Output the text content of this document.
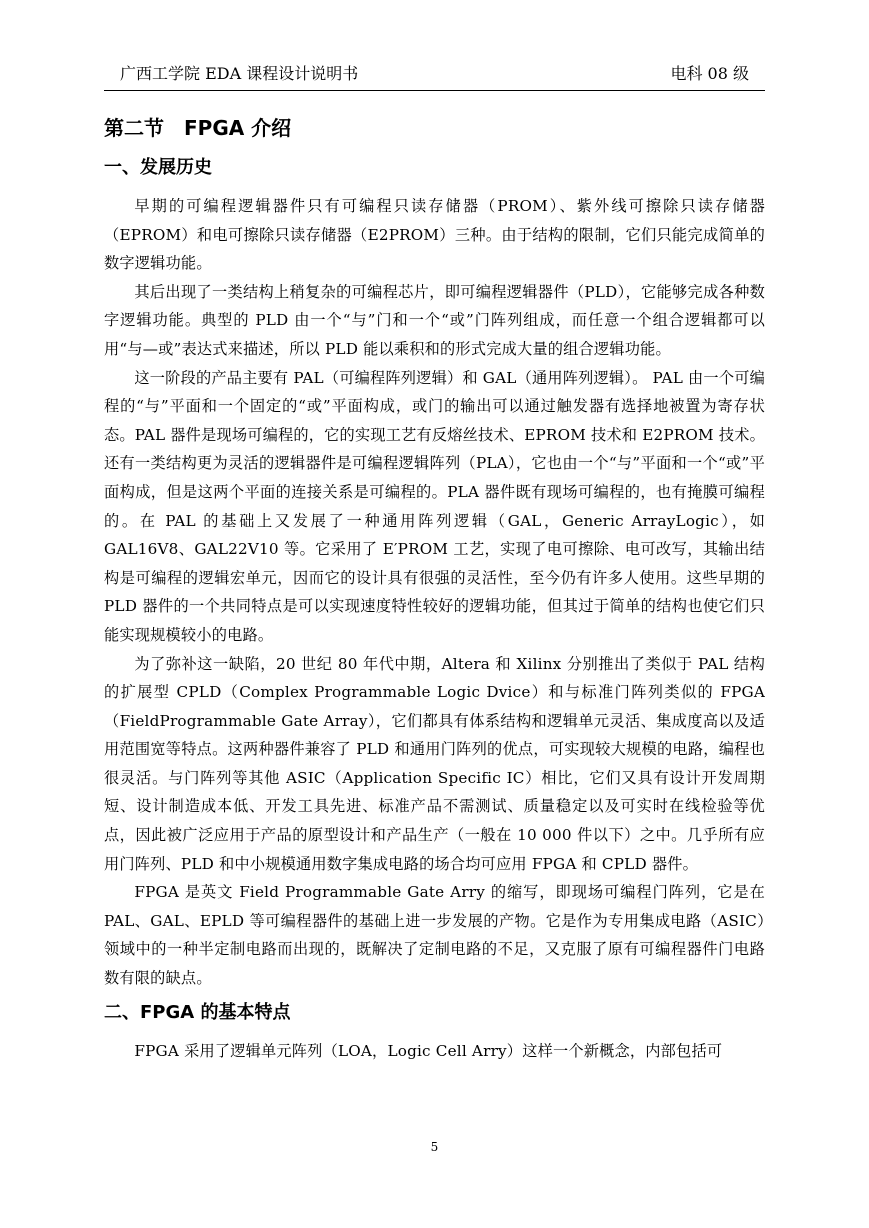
广西工学院 EDA 课程设计说明书	电科 08 级
第二节　FPGA 介绍
一、发展历史

早期的可编程逻辑器件只有可编程只读存储器（PROM）、紫外线可擦除只读存储器（EPROM）和电可擦除只读存储器（E2PROM）三种。由于结构的限制，它们只能完成简单的数字逻辑功能。

其后出现了一类结构上稍复杂的可编程芯片，即可编程逻辑器件（PLD），它能够完成各种数字逻辑功能。典型的 PLD 由一个“与”门和一个“或”门阵列组成，而任意一个组合逻辑都可以用“与—或”表达式来描述，所以 PLD 能以乘积和的形式完成大量的组合逻辑功能。

这一阶段的产品主要有 PAL（可编程阵列逻辑）和 GAL（通用阵列逻辑）。 PAL 由一个可编程的“与”平面和一个固定的“或”平面构成，或门的输出可以通过触发器有选择地被置为寄存状态。PAL 器件是现场可编程的，它的实现工艺有反熔丝技术、EPROM 技术和 E2PROM 技术。还有一类结构更为灵活的逻辑器件是可编程逻辑阵列（PLA），它也由一个“与”平面和一个“或”平面构成，但是这两个平面的连接关系是可编程的。PLA 器件既有现场可编程的，也有掩膜可编程的。在 PAL 的基础上又发展了一种通用阵列逻辑（GAL，Generic ArrayLogic），如 GAL16V8、GAL22V10 等。它采用了 E′PROM 工艺，实现了电可擦除、电可改写，其输出结构是可编程的逻辑宏单元，因而它的设计具有很强的灵活性，至今仍有许多人使用。这些早期的 PLD 器件的一个共同特点是可以实现速度特性较好的逻辑功能，但其过于简单的结构也使它们只能实现规模较小的电路。

为了弥补这一缺陷，20 世纪 80 年代中期，Altera 和 Xilinx 分别推出了类似于 PAL 结构的扩展型 CPLD（Complex Programmable Logic Dvice）和与标准门阵列类似的 FPGA（FieldProgrammable Gate Array），它们都具有体系结构和逻辑单元灵活、集成度高以及适用范围宽等特点。这两种器件兼容了 PLD 和通用门阵列的优点，可实现较大规模的电路，编程也很灵活。与门阵列等其他 ASIC（Application Specific IC）相比，它们又具有设计开发周期短、设计制造成本低、开发工具先进、标准产品不需测试、质量稳定以及可实时在线检验等优点，因此被广泛应用于产品的原型设计和产品生产（一般在 10 000 件以下）之中。几乎所有应用门阵列、PLD 和中小规模通用数字集成电路的场合均可应用 FPGA 和 CPLD 器件。

FPGA 是英文 Field Programmable Gate Arry 的缩写，即现场可编程门阵列，它是在 PAL、GAL、EPLD 等可编程器件的基础上进一步发展的产物。它是作为专用集成电路（ASIC）领域中的一种半定制电路而出现的，既解决了定制电路的不足，又克服了原有可编程器件门电路数有限的缺点。

二、FPGA 的基本特点

FPGA 采用了逻辑单元阵列（LOA，Logic Cell Arry）这样一个新概念，内部包括可

5
